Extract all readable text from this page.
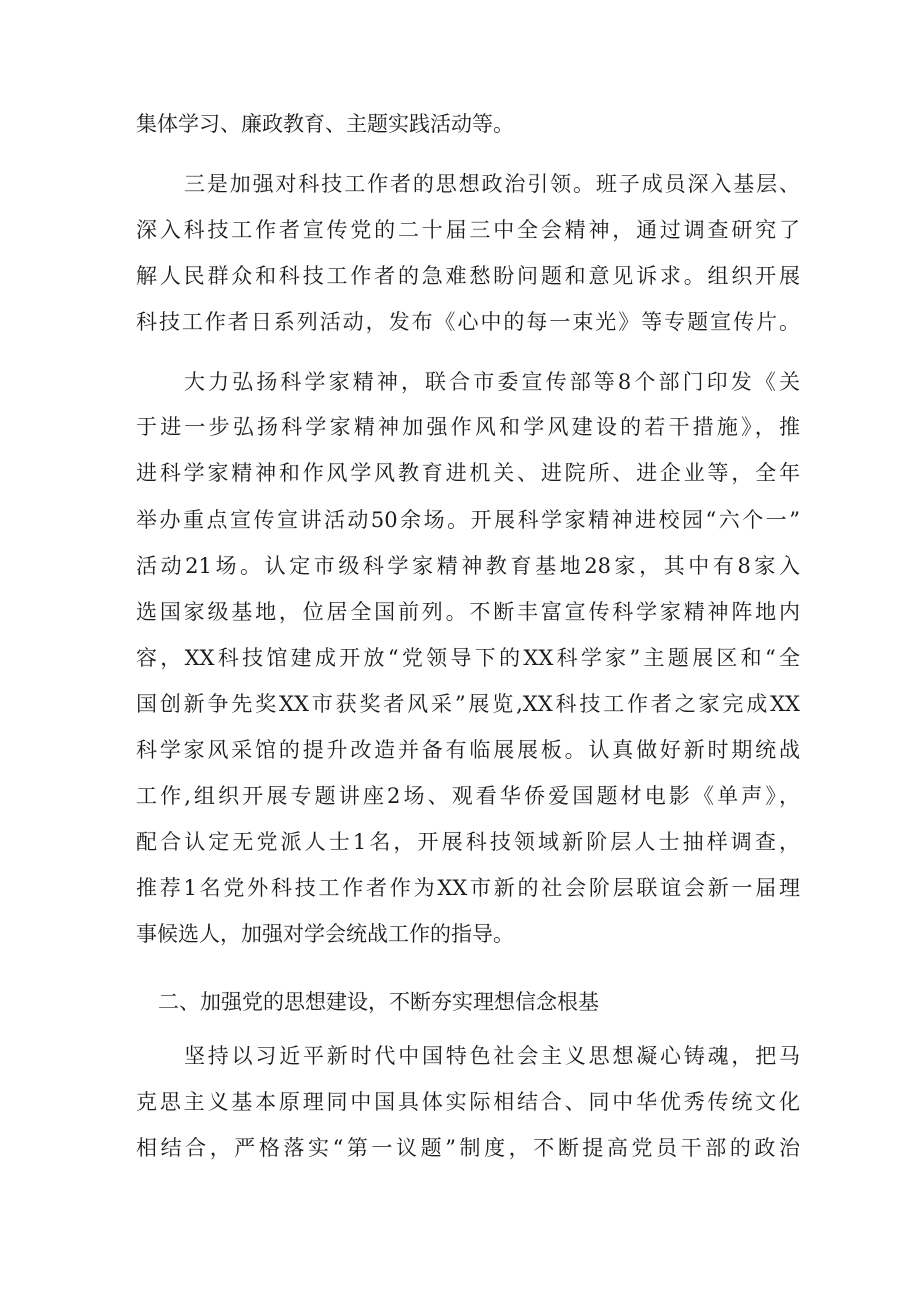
集体学习、廉政教育、主题实践活动等。
三是加强对科技工作者的思想政治引领。班子成员深入基层、
深入科技工作者宣传党的二十届三中全会精神，通过调查研究了
解人民群众和科技工作者的急难愁盼问题和意见诉求。组织开展
科技工作者日系列活动，发布《心中的每一束光》等专题宣传片。
大力弘扬科学家精神，联合市委宣传部等8个部门印发《关
于进一步弘扬科学家精神加强作风和学风建设的若干措施》，推
进科学家精神和作风学风教育进机关、进院所、进企业等，全年
举办重点宣传宣讲活动50余场。开展科学家精神进校园“六个一”
活动21场。认定市级科学家精神教育基地28家，其中有8家入
选国家级基地，位居全国前列。不断丰富宣传科学家精神阵地内
容，XX科技馆建成开放“党领导下的XX科学家”主题展区和“全
国创新争先奖XX市获奖者风采”展览,XX科技工作者之家完成XX
科学家风采馆的提升改造并备有临展展板。认真做好新时期统战
工作,组织开展专题讲座2场、观看华侨爱国题材电影《单声》，
配合认定无党派人士1名，开展科技领域新阶层人士抽样调查，
推荐1名党外科技工作者作为XX市新的社会阶层联谊会新一届理
事候选人，加强对学会统战工作的指导。
二、加强党的思想建设，不断夯实理想信念根基
坚持以习近平新时代中国特色社会主义思想凝心铸魂，把马
克思主义基本原理同中国具体实际相结合、同中华优秀传统文化
相结合，严格落实“第一议题”制度，不断提高党员干部的政治
